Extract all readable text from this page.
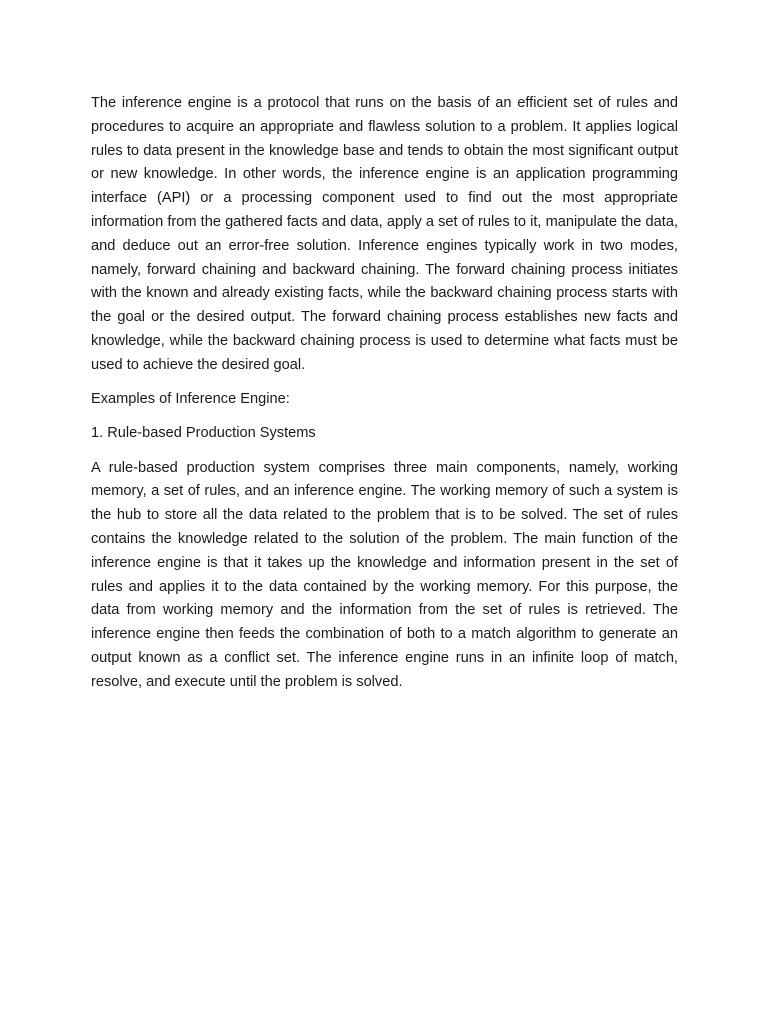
The inference engine is a protocol that runs on the basis of an efficient set of rules and procedures to acquire an appropriate and flawless solution to a problem. It applies logical rules to data present in the knowledge base and tends to obtain the most significant output or new knowledge. In other words, the inference engine is an application programming interface (API) or a processing component used to find out the most appropriate information from the gathered facts and data, apply a set of rules to it, manipulate the data, and deduce out an error-free solution. Inference engines typically work in two modes, namely, forward chaining and backward chaining. The forward chaining process initiates with the known and already existing facts, while the backward chaining process starts with the goal or the desired output. The forward chaining process establishes new facts and knowledge, while the backward chaining process is used to determine what facts must be used to achieve the desired goal.

Examples of Inference Engine:

1. Rule-based Production Systems

A rule-based production system comprises three main components, namely, working memory, a set of rules, and an inference engine. The working memory of such a system is the hub to store all the data related to the problem that is to be solved. The set of rules contains the knowledge related to the solution of the problem. The main function of the inference engine is that it takes up the knowledge and information present in the set of rules and applies it to the data contained by the working memory. For this purpose, the data from working memory and the information from the set of rules is retrieved. The inference engine then feeds the combination of both to a match algorithm to generate an output known as a conflict set. The inference engine runs in an infinite loop of match, resolve, and execute until the problem is solved.
